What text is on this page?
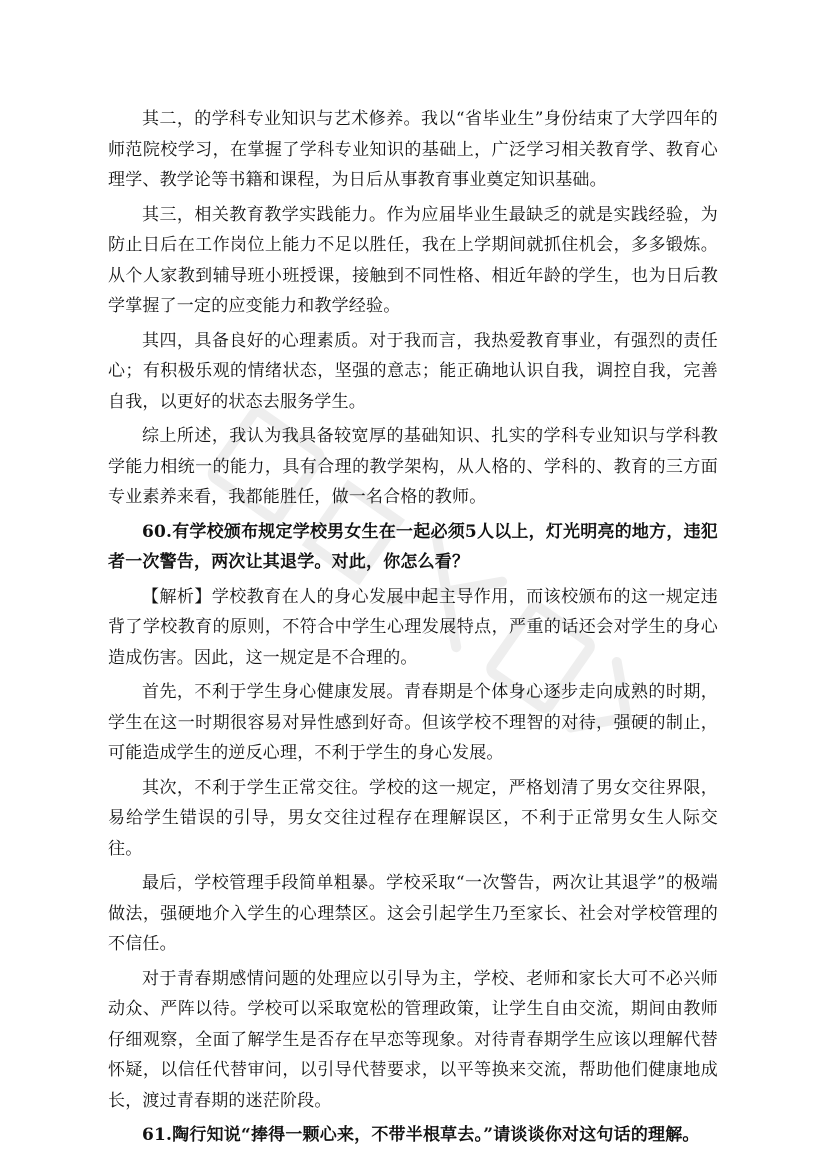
其二，的学科专业知识与艺术修养。我以“省毕业生”身份结束了大学四年的师范院校学习，在掌握了学科专业知识的基础上，广泛学习相关教育学、教育心理学、教学论等书籍和课程，为日后从事教育事业奠定知识基础。

其三，相关教育教学实践能力。作为应届毕业生最缺乏的就是实践经验，为防止日后在工作岗位上能力不足以胜任，我在上学期间就抓住机会，多多锻炼。从个人家教到辅导班小班授课，接触到不同性格、相近年龄的学生，也为日后教学掌握了一定的应变能力和教学经验。

其四，具备良好的心理素质。对于我而言，我热爱教育事业，有强烈的责任心；有积极乐观的情绪状态，坚强的意志；能正确地认识自我，调控自我，完善自我，以更好的状态去服务学生。

综上所述，我认为我具备较宽厚的基础知识、扎实的学科专业知识与学科教学能力相统一的能力，具有合理的教学架构，从人格的、学科的、教育的三方面专业素养来看，我都能胜任，做一名合格的教师。

60.有学校颁布规定学校男女生在一起必须5人以上，灯光明亮的地方，违犯者一次警告，两次让其退学。对此，你怎么看？

【解析】学校教育在人的身心发展中起主导作用，而该校颁布的这一规定违背了学校教育的原则，不符合中学生心理发展特点，严重的话还会对学生的身心造成伤害。因此，这一规定是不合理的。

首先，不利于学生身心健康发展。青春期是个体身心逐步走向成熟的时期，学生在这一时期很容易对异性感到好奇。但该学校不理智的对待，强硬的制止，可能造成学生的逆反心理，不利于学生的身心发展。

其次，不利于学生正常交往。学校的这一规定，严格划清了男女交往界限，易给学生错误的引导，男女交往过程存在理解误区，不利于正常男女生人际交往。

最后，学校管理手段简单粗暴。学校采取“一次警告，两次让其退学”的极端做法，强硬地介入学生的心理禁区。这会引起学生乃至家长、社会对学校管理的不信任。

对于青春期感情问题的处理应以引导为主，学校、老师和家长大可不必兴师动众、严阵以待。学校可以采取宽松的管理政策，让学生自由交流，期间由教师仔细观察，全面了解学生是否存在早恋等现象。对待青春期学生应该以理解代替怀疑，以信任代替审问，以引导代替要求，以平等换来交流，帮助他们健康地成长，渡过青春期的迷茫阶段。

61.陶行知说“捧得一颗心来，不带半根草去。”请谈谈你对这句话的理解。
